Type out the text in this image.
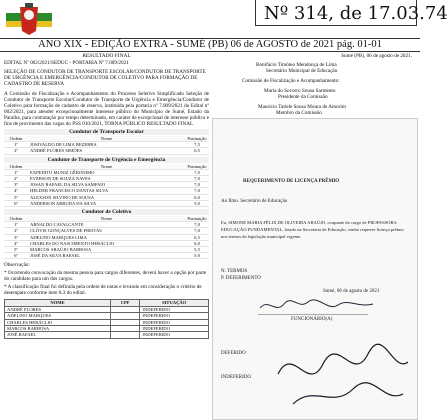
Nº 314, de 17.03.74
ANO XIX - EDIÇÃO EXTRA - SUMÉ (PB) 06 de AGOSTO de 2021 pág. 01-01
RESULTADO FINAL

EDITAL Nº 002/2021/SEDUC - PORTARIA Nº 7.009/2021

SELEÇÃO DE CONDUTOR DE TRANSPORTE ESCOLAR/CONDUTOR DE TRANSPORTE DE URGÊNCIA E EMERGÊNCIA/CONDUTOR DE COLETIVO PARA FORMAÇÃO DE CADASTRO DE RESERVA

A Comissão de Fiscalização e Acompanhamento do Processo Seletivo Simplificado Seleção de Condutor de Transporte Escolar/Condutor de Transporte de Urgência e Emergência/Condutor de Coletivo para formação de cadastro de reserva, instituída pela portaria nº 7.009/2021 do Edital nº 002/2021, para atender excepcionalmente interesse público do Município de Sumé, Estado da Paraíba, para contratação por tempo determinado, em caráter de excepcional de interesse público e fins de provimento das vagas do PSS 010/2021, TORNA PÚBLICO RESULTADO FINAL

Condutor de Transporte Escolar
Ordem	Nome	Pontuação
1º	JOSIVALDO DE LIMA BEZERRA	7,5
2º	ANDRÉ FLORES SIMÕES	6,5
Condutor de Transporte de Urgência e Emergência
Ordem	Nome	Pontuação
1º	EXPEDITO MUNIZ GÊRONIMO	7,0
2º	EVERSON DE SOUZA NAVES	7,0
3º	JOSAN RAFAEL DA SILVA SAMPAIO	7,0
4º	HELDER FRANCISCO DANTAS SILVA	7,0
5º	ALEXSON SILVINO DE SOUSA	6,0
6º	ANDERSON ARRUDA DA SILVA	5,0
Condutor de Coletivo
Ordem	Nome	Pontuação
1º	ARNALDO CAVALCANTE	7,0
2º	CLÓVIS GONÇALVES DE FREITAS	7,0
3º	ADELINO MARQUES LIMA	6,5
4º	CHARLES DO NASCIMENTO HERÁCLIO	6,0
5º	MARCOS ARAÚJO BARBOSA	5,5
6º	JOSÉ DA SILVA RAFAEL	5,0

Observação:

* Ocorrendo convocação da mesma pessoa para cargos diferentes, deverá haver a opção por parte do candidato para um dos cargos.

* A classificação final foi definida pela ordem de notas e levando em consideração o critério de desempate conforme item 8.3 do edital.

NOME	CPF	SITUAÇÃO
ANDRÉ FLORES		INDEFERIDO
ADELINO MARQUES		INDEFERIDO
CHARLES HERÁCLIO		INDEFERIDO
MARCOS BARBOSA		INDEFERIDO
JOSÉ RAFAEL		INDEFERIDO
Sumé (PB), 06 de agosto de 2021.
Bonifácio Timóteo Mendonça de Lima
Secretário Municipal de Educação
Comissão de Fiscalização e Acompanhamento:
Maria do Socorro Sousa Sarmento
Presidente da Comissão
Maurício Tatiele Sousa Moura de Amorim
Membro da Comissão
REQUERIMENTO DE LICENÇA PRÊMIO
Ao Ilmo. Secretário de Educação
Eu, SIMONE MARIA FÉLIX DE OLIVEIRA ARAÚJO, ocupante do cargo de PROFESSORA EDUCAÇÃO FUNDAMENTAL, lotado na Secretaria de Educação, venho requerer licença prêmio nos termos da legislação municipal vigente.
N. TERMOS
P. DEFERIMENTO
Sumé, 06 de agosto de 2021
FUNCIONÁRIO(A)
DEFERIDO
INDEFERIDO
